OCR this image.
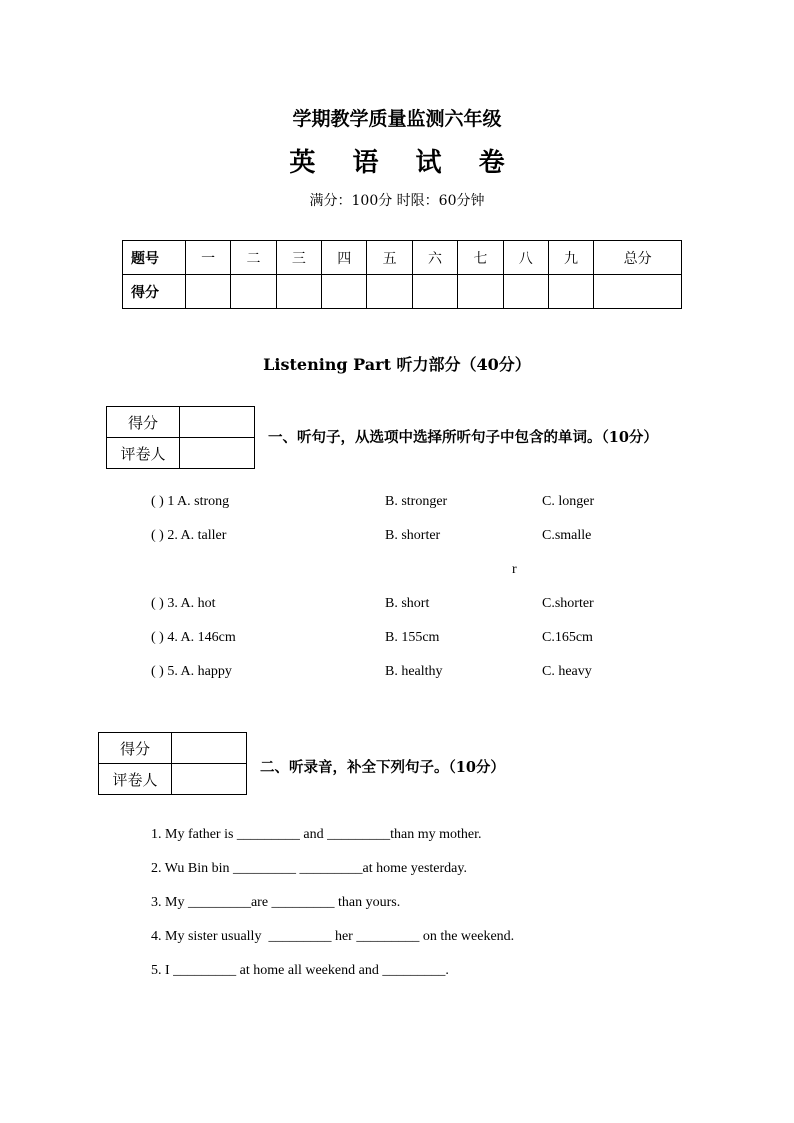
学期教学质量监测六年级
英 语 试 卷
满分：100分 时限：60分钟
题号	一	二	三	四	五	六	七	八	九	总分
得分										
Listening Part 听力部分（40分）
得分	
评卷人	
一、听句子，从选项中选择所听句子中包含的单词。（10分）
( ) 1 A. strong	B. stronger	C. longer
( ) 2. A. taller	B. shorter	C.smalle
r
( ) 3. A. hot	B. short	C.shorter
( ) 4. A. 146cm	B. 155cm	C.165cm
( ) 5. A. happy	B. healthy	C. heavy
得分	
评卷人	
二、听录音，补全下列句子。（10分）
1. My father is _________ and _________than my mother.
2. Wu Bin bin _________ _________at home yesterday.
3. My _________are _________ than yours.
4. My sister usually  _________ her _________ on the weekend.
5. I _________ at home all weekend and _________.
